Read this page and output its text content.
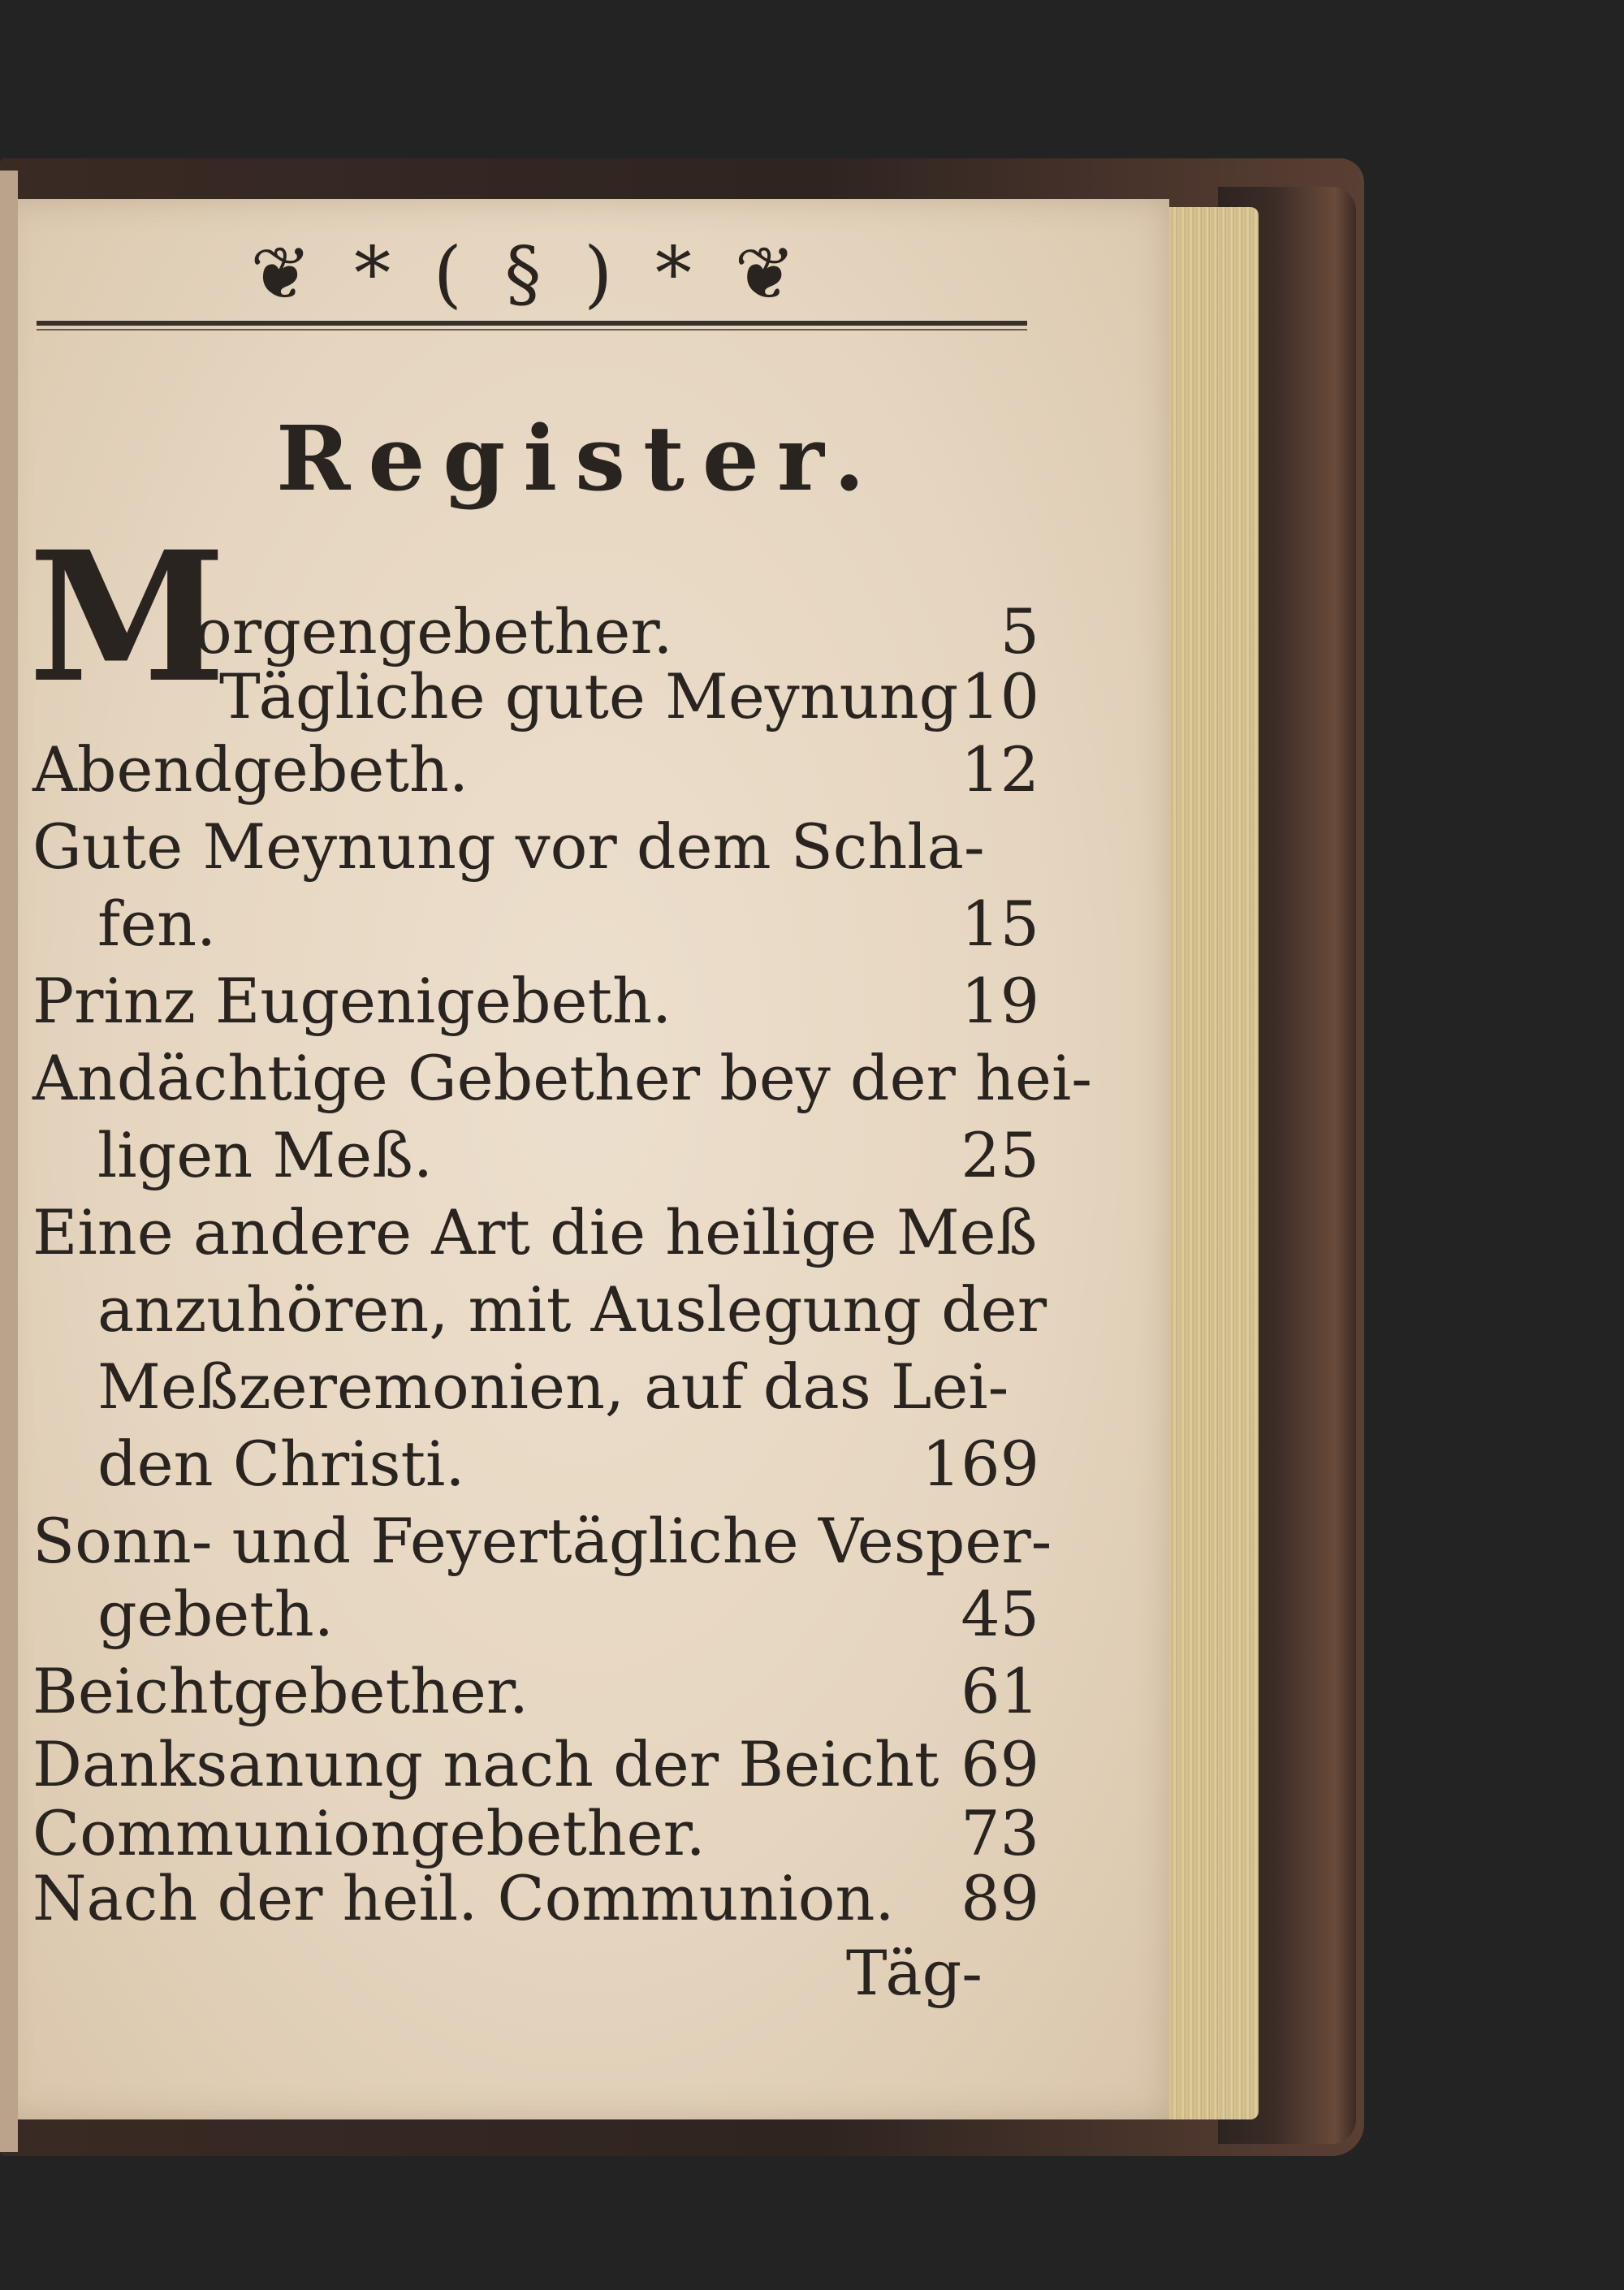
❦ * ( § ) * ❦
Register.
M
orgengebether.	5
Tägliche gute Meynung 10
Abendgebeth.	12
Gute Meynung vor dem Schla-
fen.	15
Prinz Eugenigebeth.	19
Andächtige Gebether bey der hei-
ligen Meß.	25
Eine andere Art die heilige Meß
anzuhören, mit Auslegung der
Meßzeremonien, auf das Lei-
den Christi.	169
Sonn- und Feyertägliche Vesper-
gebeth.	45
Beichtgebether.	61
Danksanung nach der Beicht 69
Communiongebether.	73
Nach der heil. Communion.	89
Täg-
